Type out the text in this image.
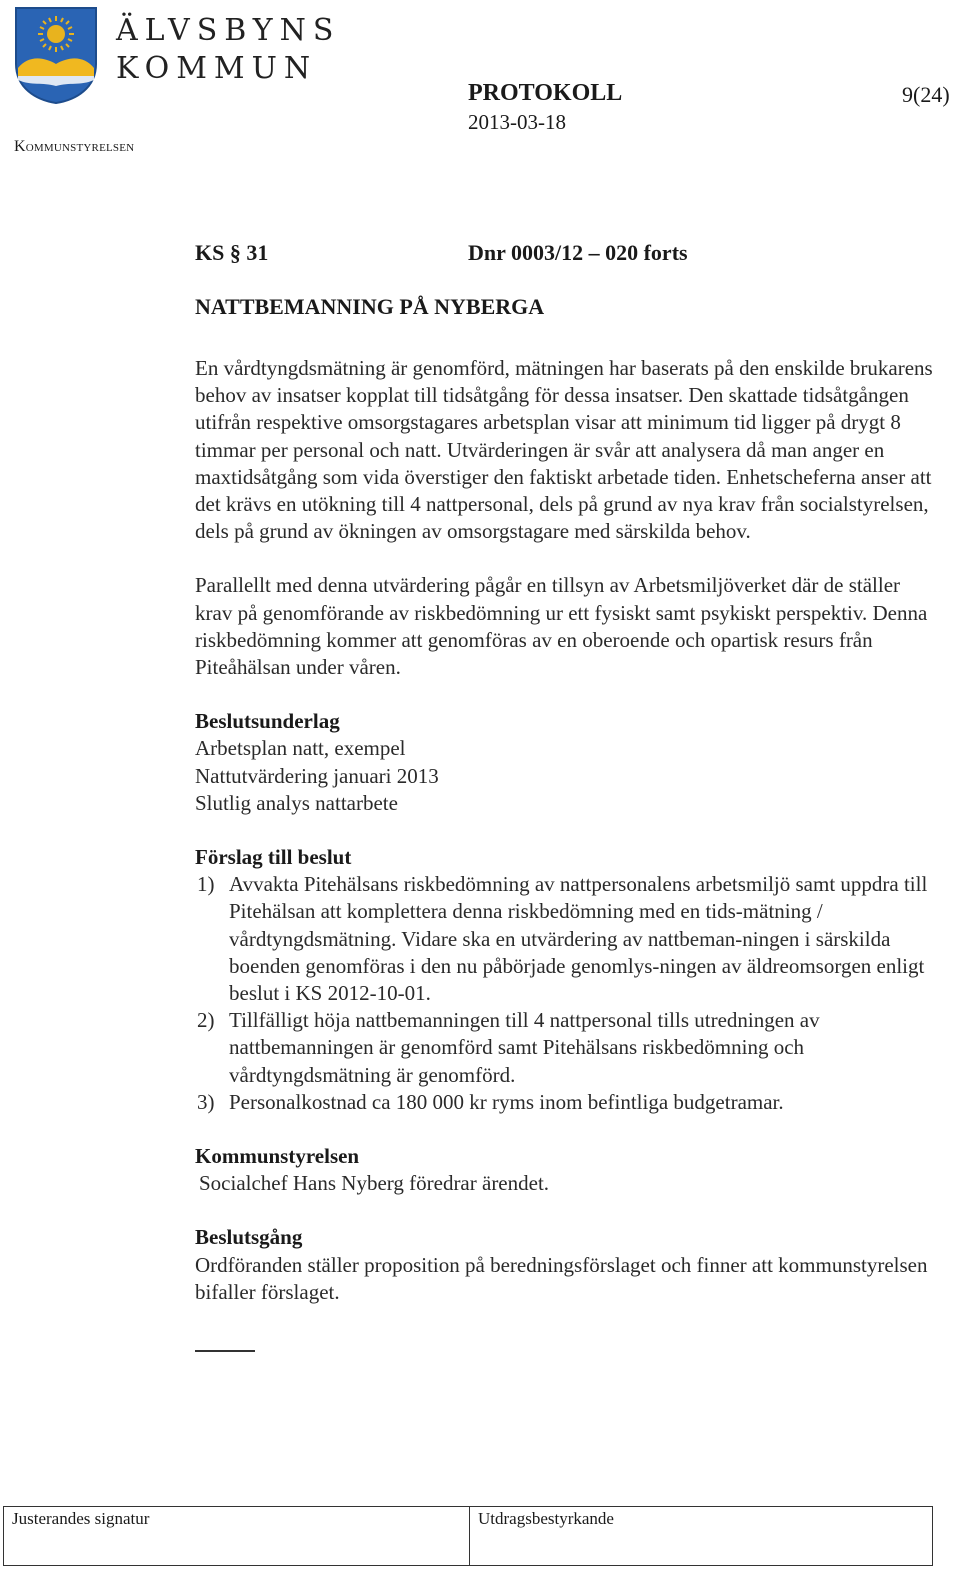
ÄLVSBYNS
KOMMUN
Kommunstyrelsen
PROTOKOLL
2013-03-18
9(24)
KS § 31	Dnr 0003/12 – 020 forts
NATTBEMANNING PÅ NYBERGA

En vårdtyngdsmätning är genomförd, mätningen har baserats på den enskilde brukarens behov av insatser kopplat till tidsåtgång för dessa insatser. Den skattade tidsåtgången utifrån respektive omsorgstagares arbetsplan visar att minimum tid ligger på drygt 8 timmar per personal och natt. Utvärderingen är svår att analysera då man anger en maxtidsåtgång som vida överstiger den faktiskt arbetade tiden. Enhetscheferna anser att det krävs en utökning till 4 nattpersonal, dels på grund av nya krav från socialstyrelsen, dels på grund av ökningen av omsorgstagare med särskilda behov.

Parallellt med denna utvärdering pågår en tillsyn av Arbetsmiljöverket där de ställer krav på genomförande av riskbedömning ur ett fysiskt samt psykiskt perspektiv. Denna riskbedömning kommer att genomföras av en oberoende och opartisk resurs från Piteåhälsan under våren.

Beslutsunderlag
Arbetsplan natt, exempel
Nattutvärdering januari 2013
Slutlig analys nattarbete
Förslag till beslut
1) Avvakta Pitehälsans riskbedömning av nattpersonalens arbetsmiljö samt uppdra till Pitehälsan att komplettera denna riskbedömning med en tids-mätning / vårdtyngdsmätning. Vidare ska en utvärdering av nattbeman-ningen i särskilda boenden genomföras i den nu påbörjade genomlys-ningen av äldreomsorgen enligt beslut i KS 2012-10-01.
2) Tillfälligt höja nattbemanningen till 4 nattpersonal tills utredningen av nattbemanningen är genomförd samt Pitehälsans riskbedömning och vårdtyngdsmätning är genomförd.
3) Personalkostnad ca 180 000 kr ryms inom befintliga budgetramar.
Kommunstyrelsen
Socialchef Hans Nyberg föredrar ärendet.
Beslutsgång
Ordföranden ställer proposition på beredningsförslaget och finner att kommunstyrelsen bifaller förslaget.
Justerandes signatur	Utdragsbestyrkande
